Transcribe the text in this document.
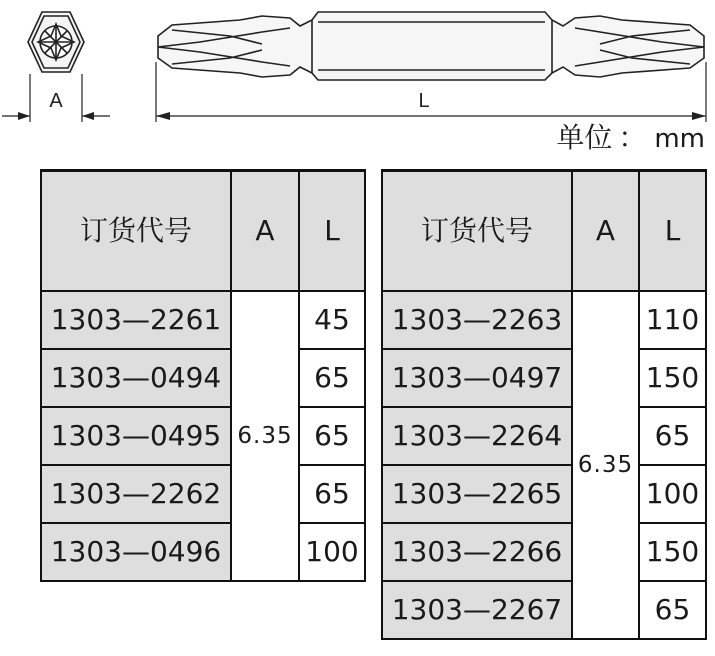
A	L
单位 ： mm
订货代号	A	L
1303—2261	6.35	45
1303—0494		65
1303—0495		65
1303—2262		65
1303—0496		100
订货代号	A	L
1303—2263	6.35	110
1303—0497		150
1303—2264		65
1303—2265		100
1303—2266		150
1303—2267		65
